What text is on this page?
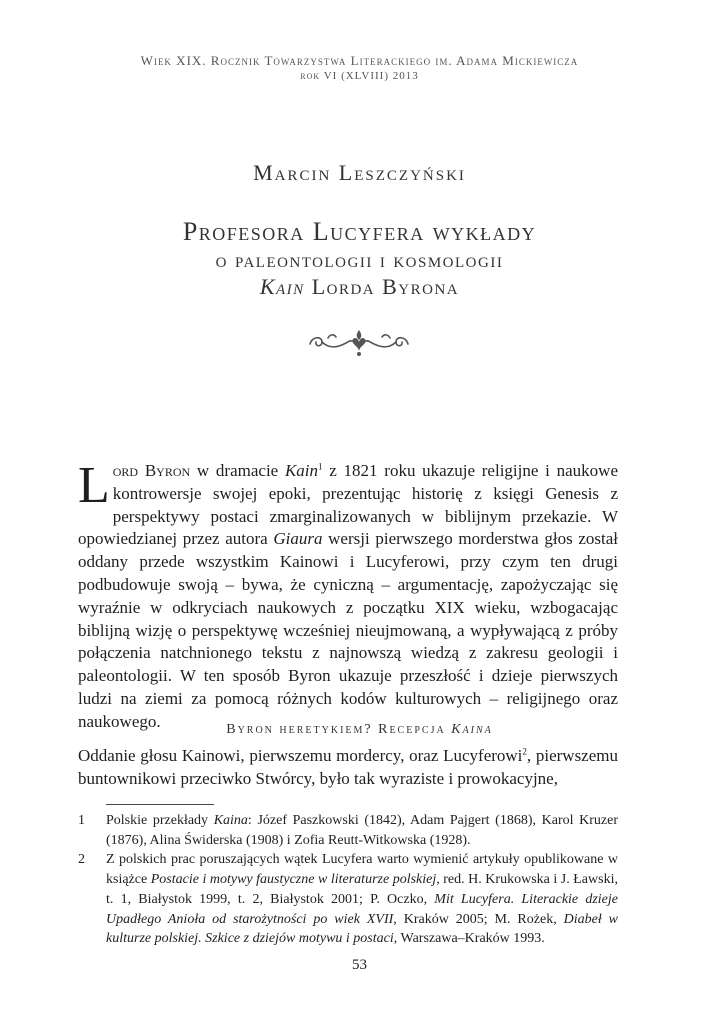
Wiek XIX. Rocznik Towarzystwa Literackiego im. Adama Mickiewicza
rok VI (XLVIII) 2013
Marcin Leszczyński
Profesora Lucyfera wykłady
o paleontologii i kosmologii
Kain Lorda Byrona

Lord Byron w dramacie Kain$^1$ z 1821 roku ukazuje religijne i naukowe kontrowersje swojej epoki, prezentując historię z księgi Genesis z perspektywy postaci zmarginalizowanych w biblijnym przekazie. W opowiedzianej przez autora Giaura wersji pierwszego morderstwa głos został oddany przede wszystkim Kainowi i Lucyferowi, przy czym ten drugi podbudowuje swoją – bywa, że cyniczną – argumentację, zapożyczając się wyraźnie w odkryciach naukowych z początku XIX wieku, wzbogacając biblijną wizję o perspektywę wcześniej nieujmowaną, a wypływającą z próby połączenia natchnionego tekstu z najnowszą wiedzą z zakresu geologii i paleontologii. W ten sposób Byron ukazuje przeszłość i dzieje pierwszych ludzi na ziemi za pomocą różnych kodów kulturowych – religijnego oraz naukowego.	Byron heretykiem? Recepcja Kaina
Oddanie głosu Kainowi, pierwszemu mordercy, oraz Lucyferowi$^2$, pierwszemu buntownikowi przeciwko Stwórcy, było tak wyraziste i prowokacyjne,
1	Polskie przekłady Kaina: Józef Paszkowski (1842), Adam Pajgert (1868), Karol Kruzer (1876), Alina Świderska (1908) i Zofia Reutt-Witkowska (1928).
2	Z polskich prac poruszających wątek Lucyfera warto wymienić artykuły opublikowane w książce Postacie i motywy faustyczne w literaturze polskiej, red. H. Krukowska i J. Ławski, t. 1, Białystok 1999, t. 2, Białystok 2001; P. Oczko, Mit Lucyfera. Literackie dzieje Upadłego Anioła od starożytności po wiek XVII, Kraków 2005; M. Rożek, Diabeł w kulturze polskiej. Szkice z dziejów motywu i postaci, Warszawa–Kraków 1993.
53
